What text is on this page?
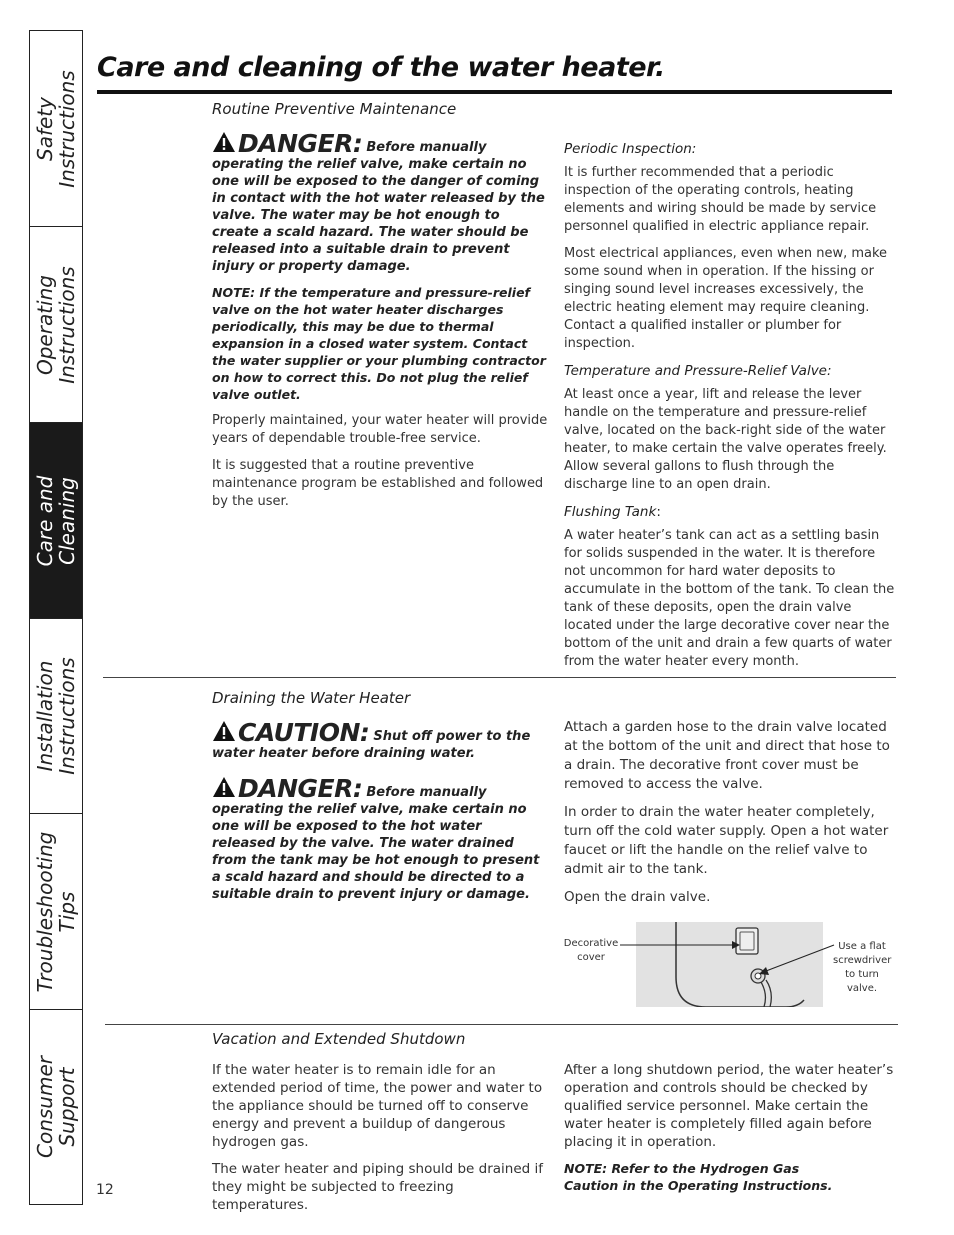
Safety
Instructions
Operating
Instructions
Care and
Cleaning
Installation
Instructions
Troubleshooting
Tips
Consumer
Support
Care and cleaning of the water heater.
Routine Preventive Maintenance
DANGER: Before manually operating the relief valve, make certain no one will be exposed to the danger of coming in contact with the hot water released by the valve. The water may be hot enough to create a scald hazard. The water should be released into a suitable drain to prevent injury or property damage.
NOTE: If the temperature and pressure-relief valve on the hot water heater discharges periodically, this may be due to thermal expansion in a closed water system. Contact the water supplier or your plumbing contractor on how to correct this. Do not plug the relief valve outlet.

Properly maintained, your water heater will provide years of dependable trouble-free service.

It is suggested that a routine preventive maintenance program be established and followed by the user.

Periodic Inspection:

It is further recommended that a periodic inspection of the operating controls, heating elements and wiring should be made by service personnel qualified in electric appliance repair.

Most electrical appliances, even when new, make some sound when in operation. If the hissing or singing sound level increases excessively, the electric heating element may require cleaning. Contact a qualified installer or plumber for inspection.

Temperature and Pressure-Relief Valve:

At least once a year, lift and release the lever handle on the temperature and pressure-relief valve, located on the back-right side of the water heater, to make certain the valve operates freely. Allow several gallons to flush through the discharge line to an open drain.

Flushing Tank:

A water heater’s tank can act as a settling basin for solids suspended in the water. It is therefore not uncommon for hard water deposits to accumulate in the bottom of the tank. To clean the tank of these deposits, open the drain valve located under the large decorative cover near the bottom of the unit and drain a few quarts of water from the water heater every month.

Draining the Water Heater
CAUTION: Shut off power to the water heater before draining water.
DANGER: Before manually operating the relief valve, make certain no one will be exposed to the hot water released by the valve. The water drained from the tank may be hot enough to present a scald hazard and should be directed to a suitable drain to prevent injury or damage.

Attach a garden hose to the drain valve located at the bottom of the unit and direct that hose to a drain. The decorative front cover must be removed to access the valve.

In order to drain the water heater completely, turn off the cold water supply. Open a hot water faucet or lift the handle on the relief valve to admit air to the tank.

Open the drain valve.

Decorative cover
Use a flat screwdriver to turn valve.
Vacation and Extended Shutdown

If the water heater is to remain idle for an extended period of time, the power and water to the appliance should be turned off to conserve energy and prevent a buildup of dangerous hydrogen gas.

The water heater and piping should be drained if they might be subjected to freezing temperatures.

After a long shutdown period, the water heater’s operation and controls should be checked by qualified service personnel. Make certain the water heater is completely filled again before placing it in operation.

NOTE: Refer to the Hydrogen Gas Caution in the Operating Instructions.
12
